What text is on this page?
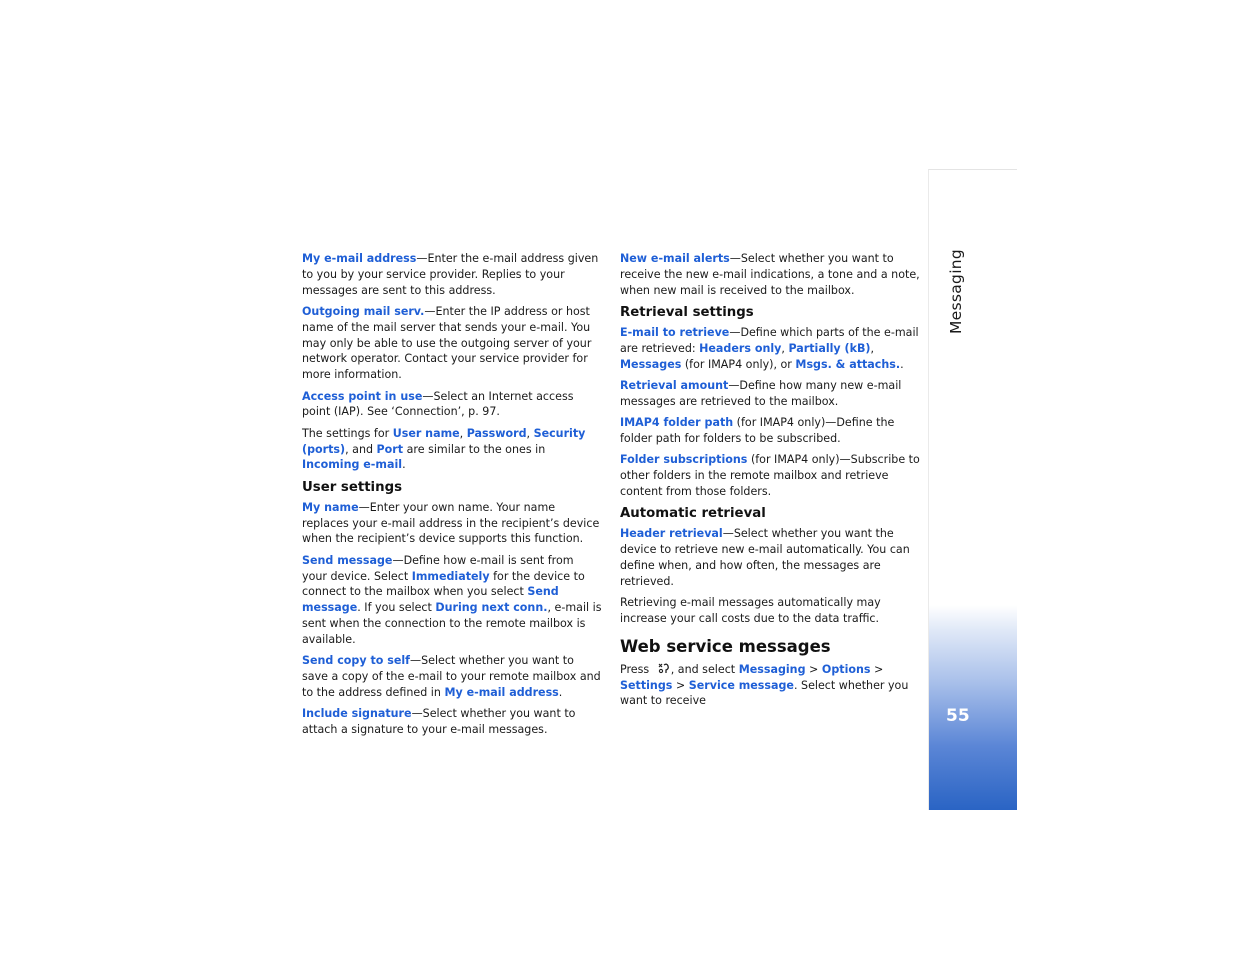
Messaging
55

My e-mail address—Enter the e-mail address given to you by your service provider. Replies to your messages are sent to this address.

Outgoing mail serv.—Enter the IP address or host name of the mail server that sends your e-mail. You may only be able to use the outgoing server of your network operator. Contact your service provider for more information.

Access point in use—Select an Internet access point (IAP). See ‘Connection’, p. 97.

The settings for User name, Password, Security (ports), and Port are similar to the ones in Incoming e-mail.

User settings

My name—Enter your own name. Your name replaces your e-mail address in the recipient’s device when the recipient’s device supports this function.

Send message—Define how e-mail is sent from your device. Select Immediately for the device to connect to the mailbox when you select Send message. If you select During next conn., e-mail is sent when the connection to the remote mailbox is available.

Send copy to self—Select whether you want to save a copy of the e-mail to your remote mailbox and to the address defined in My e-mail address.

Include signature—Select whether you want to attach a signature to your e-mail messages.

New e-mail alerts—Select whether you want to receive the new e-mail indications, a tone and a note, when new mail is received to the mailbox.

Retrieval settings

E-mail to retrieve—Define which parts of the e-mail are retrieved: Headers only, Partially (kB), Messages (for IMAP4 only), or Msgs. & attachs..

Retrieval amount—Define how many new e-mail messages are retrieved to the mailbox.

IMAP4 folder path (for IMAP4 only)—Define the folder path for folders to be subscribed.

Folder subscriptions (for IMAP4 only)—Subscribe to other folders in the remote mailbox and retrieve content from those folders.

Automatic retrieval

Header retrieval—Select whether you want the device to retrieve new e-mail automatically. You can define when, and how often, the messages are retrieved.

Retrieving e-mail messages automatically may increase your call costs due to the data traffic.

Web service messages

Press , and select Messaging > Options > Settings > Service message. Select whether you want to receive
